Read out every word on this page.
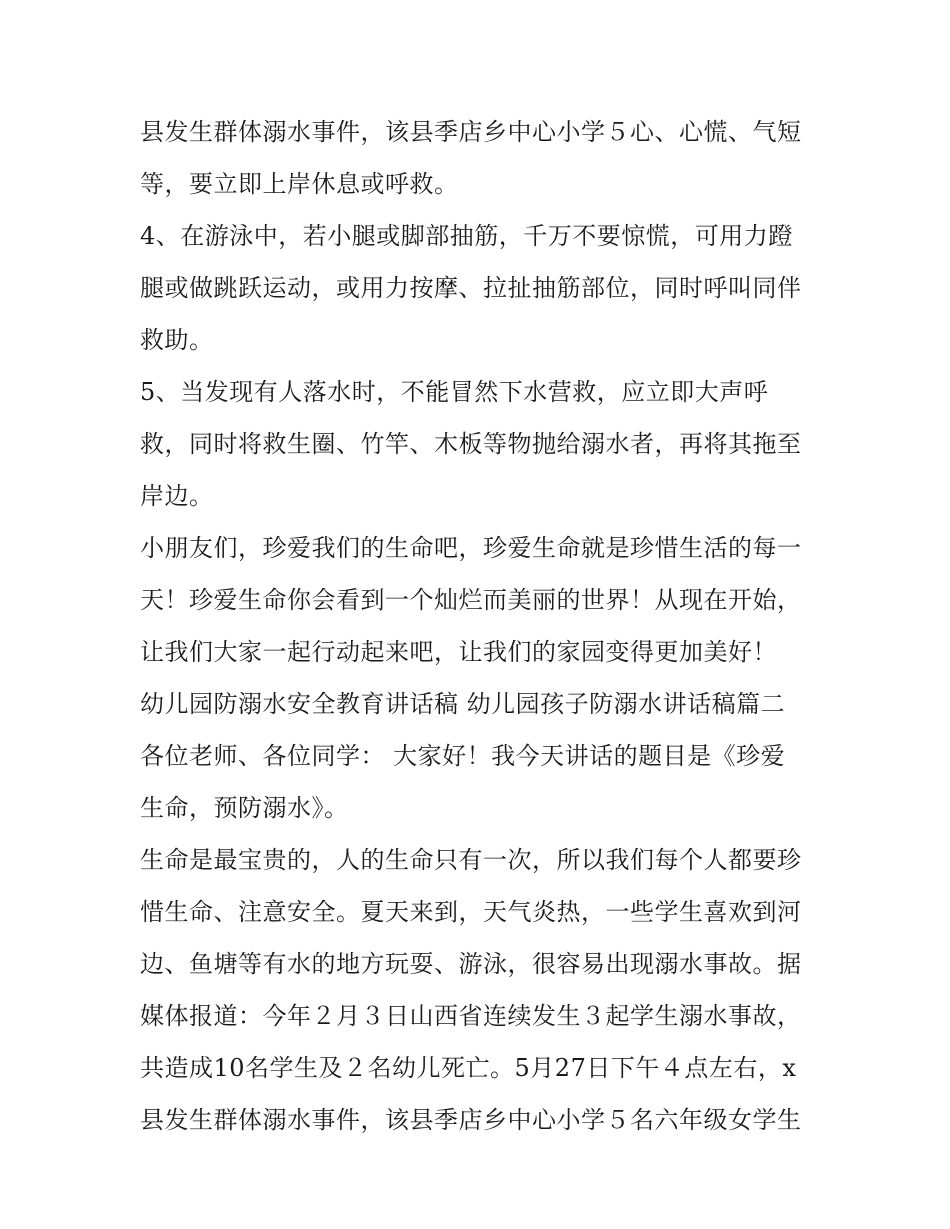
县发生群体溺水事件，该县季店乡中心小学５心、心慌、气短
等，要立即上岸休息或呼救。
4、在游泳中，若小腿或脚部抽筋，千万不要惊慌，可用力蹬
腿或做跳跃运动，或用力按摩、拉扯抽筋部位，同时呼叫同伴
救助。
5、当发现有人落水时，不能冒然下水营救，应立即大声呼
救，同时将救生圈、竹竿、木板等物抛给溺水者，再将其拖至
岸边。
小朋友们，珍爱我们的生命吧，珍爱生命就是珍惜生活的每一
天！珍爱生命你会看到一个灿烂而美丽的世界！从现在开始，
让我们大家一起行动起来吧，让我们的家园变得更加美好！
幼儿园防溺水安全教育讲话稿 幼儿园孩子防溺水讲话稿篇二
各位老师、各位同学： 大家好！我今天讲话的题目是《珍爱
生命，预防溺水》。
生命是最宝贵的，人的生命只有一次，所以我们每个人都要珍
惜生命、注意安全。夏天来到，天气炎热，一些学生喜欢到河
边、鱼塘等有水的地方玩耍、游泳，很容易出现溺水事故。据
媒体报道：今年２月３日山西省连续发生３起学生溺水事故，
共造成10名学生及２名幼儿死亡。5月27日下午４点左右，x
县发生群体溺水事件，该县季店乡中心小学５名六年级女学生
